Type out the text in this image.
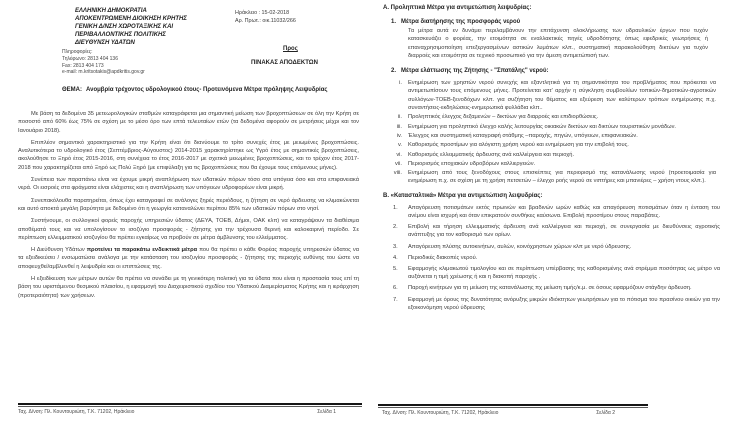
ΕΛΛΗΝΙΚΗ ΔΗΜΟΚΡΑΤΙΑ
ΑΠΟΚΕΝΤΡΩΜΕΝΗ ΔΙΟΙΚΗΣΗ ΚΡΗΤΗΣ
ΓΕΝΙΚΗ Δ/ΝΣΗ ΧΩΡΟΤΑΞΙΚΗΣ ΚΑΙ
ΠΕΡΙΒΑΛΛΟΝΤΙΚΗΣ ΠΟΛΙΤΙΚΗΣ
ΔΙΕΥΘΥΝΣΗ ΥΔΑΤΩΝ
Ηράκλειο : 15-02-2018
Αρ. Πρωτ.: οικ.11032/266
Πληροφορίες:
Τηλέφωνο: 2813 404 136
Fax: 2813 404 173
e-mail: m.kritsotakis@apdkritis.gov.gr
Προς
ΠΙΝΑΚΑΣ ΑΠΟΔΕΚΤΩΝ
ΘΕΜΑ: Ανομβρία τρέχοντος υδρολογικού έτους- Προτεινόμενα Μέτρα πρόληψης Λειψυδρίας

Με βάση τα δεδομένα 35 μετεωρολογικών σταθμών καταγράφεται μια σημαντική μείωση των βροχοπτώσεων σε όλη την Κρήτη σε ποσοστό από 60% έως 75% σε σχέση με το μέσο όρο των επτά τελευταίων ετών (τα δεδομένα αφορούν σε μετρήσεις μέχρι και τον Ιανουάριο 2018).

Επιπλέον σημαντικό χαρακτηριστικό για την Κρήτη είναι ότι διανύουμε το τρίτο συνεχές έτος με μειωμένες βροχοπτώσεις. Αναλυτικότερα το υδρολογικό έτος (Σεπτέμβριος-Αύγουστος) 2014-2015 χαρακτηρίστηκε ως Υγρό έτος με σημαντικές βροχοπτώσεις, ακολούθησε το Ξηρό έτος 2015-2016, στη συνέχεια το έτος 2016-2017 με σχετικά μειωμένες βροχοπτώσεις, και το τρέχον έτος 2017-2018 που χαρακτηρίζεται από Ξηρό ως Πολύ Ξηρό (με επιφύλαξη για τις βροχοπτώσεις που θα έχουμε τους επόμενους μήνες).

Συνέπεια των παραπάνω είναι να έχουμε μικρή αναπλήρωση των υδατικών πόρων τόσο στα υπόγεια όσο και στα επιφανειακά νερά. Οι εισροές στα φράγματα είναι ελάχιστες και η αναπλήρωση των υπόγειων υδροφορέων είναι μικρή.

Συνεπακόλουθα παρατηρείται, όπως έχει καταγραφεί σε ανάλογες ξηρές περιόδους, η ζήτηση σε νερό άρδευσης να κλιμακώνεται και αυτό αποκτά μεγάλη βαρύτητα με δεδομένο ότι η γεωργία καταναλώνει περίπου 85% των υδατικών πόρων στο νησί.

Συστήνουμε, οι συλλογικοί φορείς παροχής υπηρεσιών ύδατος (ΔΕΥΑ, ΤΟΕΒ, Δήμοι, ΟΑΚ κλπ) να καταγράψουν τα διαθέσιμα αποθέματά τους και να υπολογίσουν το ισοζύγιο προσφοράς - ζήτησης για την τρέχουσα θερινή και καλοκαιρινή περίοδο. Σε περίπτωση ελλειμματικού ισοζυγίου θα πρέπει εγκαίρως να προβούν σε μέτρα άμβλυνσης του ελλείμματος.

Η Διεύθυνση Υδάτων προτείνει τα παρακάτω ενδεικτικά μέτρα που θα πρέπει ο κάθε Φορέας παροχής υπηρεσιών ύδατος να τα εξειδικεύσει / ενσωματώσει ανάλογα με την κατάσταση του ισοζυγίου προσφοράς - ζήτησης της περιοχής ευθύνης του ώστε να αποφευχθεί/αμβλυνθεί η λειψυδρία και οι επιπτώσεις της.

Η εξειδίκευση των μέτρων αυτών θα πρέπει να συνάδει με τη γενικότερη πολιτική για τα ύδατα που είναι η προστασία τους επί τη βάση του υφιστάμενου θεσμικού πλαισίου, η εφαρμογή του Διαχειριστικού σχεδίου του Υδατικού Διαμερίσματος Κρήτης και η ιεράρχηση (προτεραιότητα) των χρήσεων.

Ταχ. Δ/νση: Πλ. Κουντουριώτη, Τ.Κ. 71202, Ηράκλειο	Σελίδα 1
Α. Προληπτικά Μέτρα για αντιμετώπιση λειψυδρίας:
1. Μέτρα διατήρησης της προσφοράς νερού
Τα μέτρα αυτά εν δυνάμει περιλαμβάνουν την επιτάχυνση ολοκλήρωσης των υδραυλικών έργων που τυχόν κατασκευάζει ο φορέας, την ετοιμότητα σε εναλλακτικές πηγές υδροδότησης όπως εφεδρικές γεωτρήσεις ή επαναχρησιμοποίηση επεξεργασμένων αστικών λυμάτων κλπ., συστηματική παρακολούθηση δικτύων για τυχόν διαρροές και ετοιμότητα σε τεχνικό προσωπικό για την άμεση αντιμετώπισή των.
2. Μέτρα ελάττωσης της Ζήτησης - "Σπατάλης" νερού:
i. Ενημέρωση των χρηστών νερού συνεχής και εξαντλητικά για τη σημαντικότητα του προβλήματος που πρόκειται να αντιμετωπίσουν τους επόμενους μήνες. Προτείνεται κατ' αρχήν η σύγκληση συμβουλίων τοπικών-δημοτικών-αγροτικών συλλόγων-ΤΟΕΒ-ξενοδόχων κλπ. για συζήτηση του θέματος και εξεύρεση των καλύτερων τρόπων ενημέρωσης π.χ. συναντήσεις-εκδηλώσεις-ενημερωτικά φυλλάδια κλπ..
ii. Προληπτικός έλεγχος δεξαμενών – δικτύων για διαρροές και επιδιορθώσεις.
iii. Ενημέρωση για προληπτικό έλεγχο καλής λειτουργίας οικιακών δικτύων και δικτύων τουριστικών μονάδων.
iv. Έλεγχος και συστηματική καταγραφή στάθμης –παροχής, πηγών, υπόγειων, επιφανειακών.
v. Καθορισμός προστίμων για αλόγιστη χρήση νερού και ενημέρωση για την επιβολή τους.
vi. Καθορισμός ελλειμματικής άρδευσης ανά καλλιέργεια και περιοχή.
vii. Περιορισμός εποχιακών υδροβόρων καλλιεργειών.
viii. Ενημέρωση από τους ξενοδόχους στους επισκέπτες για περιορισμό της κατανάλωσης νερού (προετοιμασία για ενημέρωση π.χ. σε σχέση με τη χρήση πετσετών – έλεγχο ροής νερού σε νιπτήρες και μπανιέρες – χρήση ντους κλπ.).
Β. «Κατασταλτικά» Μέτρα για αντιμετώπιση λειψυδρίας:
1.	Απαγόρευση ποτισμάτων εκτός πρωινών και βραδινών ωρών καθώς και απαγόρευση ποτισμάτων όταν η ένταση του ανέμου είναι ισχυρή και όταν επικρατούν συνθήκες καύσωνα. Επιβολή προστίμου στους παραβάτες.
2.	Επιβολή και τήρηση ελλειμματικής άρδευση ανά καλλιέργεια και περιοχή, σε συνεργασία με διευθύνσεις αγροτικής ανάπτυξης για τον καθορισμό των ορίων.
3.	Απαγόρευση πλύσης αυτοκινήτων, αυλών, κοινόχρηστων χώρων κλπ με νερό ύδρευσης.
4.	Περιοδικές διακοπές νερού.
5.	Εφαρμογής κλιμακωτού τιμολογίου και σε περίπτωση υπέρβασης της καθορισμένης ανά στρέμμα ποσότητας ως μέτρο να αυξάνεται η τιμή χρέωσης ή και η διακοπή παροχής .
6.	Παροχή κινήτρων για τη μείωση της κατανάλωσης πχ μείωση τιμής/κ.μ. σε όσους εφαρμόζουν στάγδην άρδευση.
7.	Εφαρμογή με όρους της δυνατότητας ανόρυξης μικρών ιδιόκτητων γεωτρήσεων για το πότισμα του πρασίνου οικιών για την εξοικονόμηση νερού ύδρευσης
Ταχ. Δ/νση: Πλ. Κουντουριώτη, Τ.Κ. 71202, Ηράκλειο	Σελίδα 2
